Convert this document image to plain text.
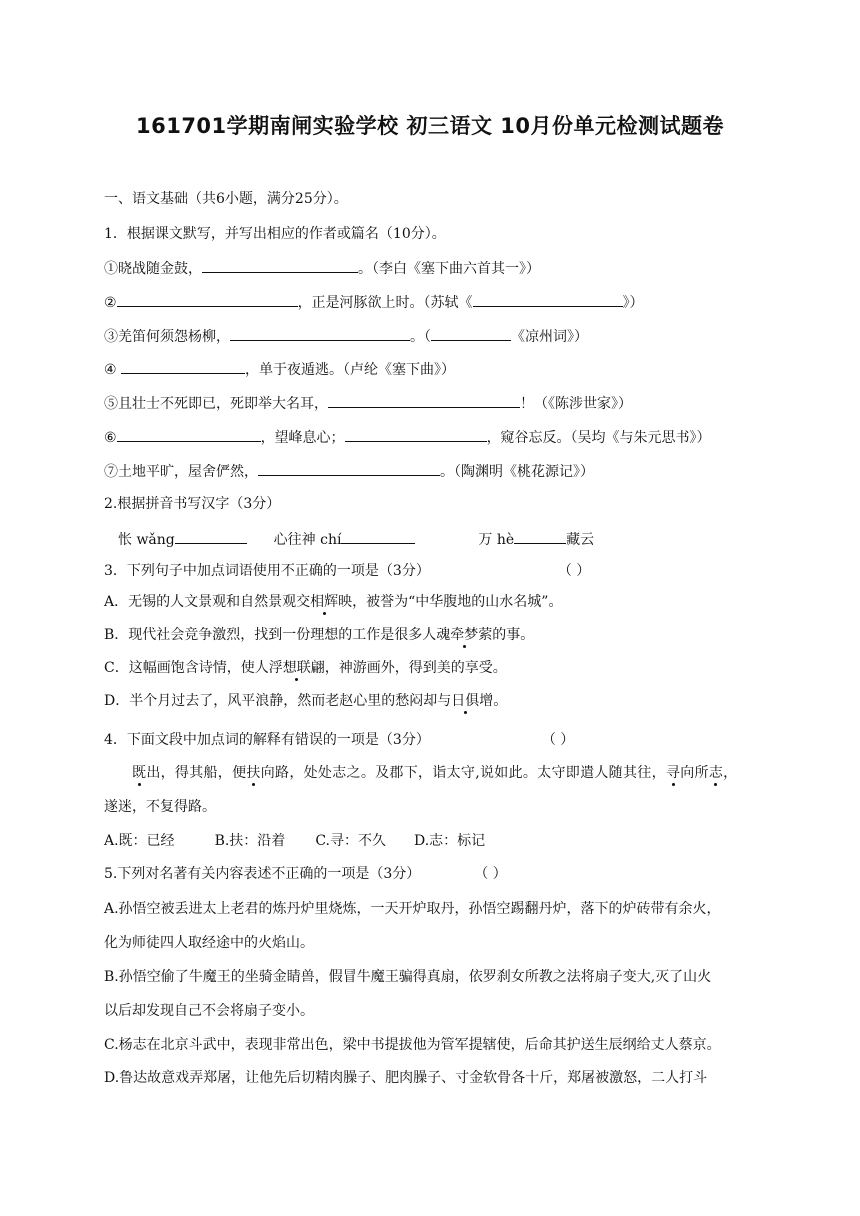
161701学期南闸实验学校 初三语文 10月份单元检测试题卷
一、语文基础（共6小题，满分25分）。
1．根据课文默写，并写出相应的作者或篇名（10分）。
①晓战随金鼓，	。（李白《塞下曲六首其一》）
②	，正是河豚欲上时。（苏轼《	》）
③羌笛何须怨杨柳，	。（	《凉州词》）
④	，单于夜遁逃。（卢纶《塞下曲》）
⑤且壮士不死即已，死即举大名耳，	！（《陈涉世家》）
⑥	，望峰息心；	，窥谷忘反。（吴均《与朱元思书》）
⑦土地平旷，屋舍俨然，	。（陶渊明《桃花源记》）
2.根据拼音书写汉字（3分）
怅 wǎng	心往神 chí	万 hè	藏云
3．下列句子中加点词语使用不正确的一项是（3分）	（ ）
A．无锡的人文景观和自然景观交相辉映，被誉为“中华腹地的山水名城”。
B．现代社会竞争激烈，找到一份理想的工作是很多人魂牵梦萦的事。
C．这幅画饱含诗情，使人浮想联翩，神游画外，得到美的享受。
D．半个月过去了，风平浪静，然而老赵心里的愁闷却与日俱增。
4．下面文段中加点词的解释有错误的一项是（3分）	（ ）
既出，得其船，便扶向路，处处志之。及郡下，诣太守,说如此。太守即遣人随其往，寻向所志，
遂迷，不复得路。
A.既：已经	B.扶：沿着 C.寻：不久 D.志：标记
5.下列对名著有关内容表述不正确的一项是（3分）	（ ）
A.孙悟空被丢进太上老君的炼丹炉里烧炼，一天开炉取丹，孙悟空踢翻丹炉，落下的炉砖带有余火，
化为师徒四人取经途中的火焰山。
B.孙悟空偷了牛魔王的坐骑金睛兽，假冒牛魔王骗得真扇，依罗刹女所教之法将扇子变大,灭了山火
以后却发现自己不会将扇子变小。
C.杨志在北京斗武中，表现非常出色，梁中书提拔他为管军提辖使，后命其护送生辰纲给丈人蔡京。
D.鲁达故意戏弄郑屠，让他先后切精肉臊子、肥肉臊子、寸金软骨各十斤，郑屠被激怒，二人打斗
